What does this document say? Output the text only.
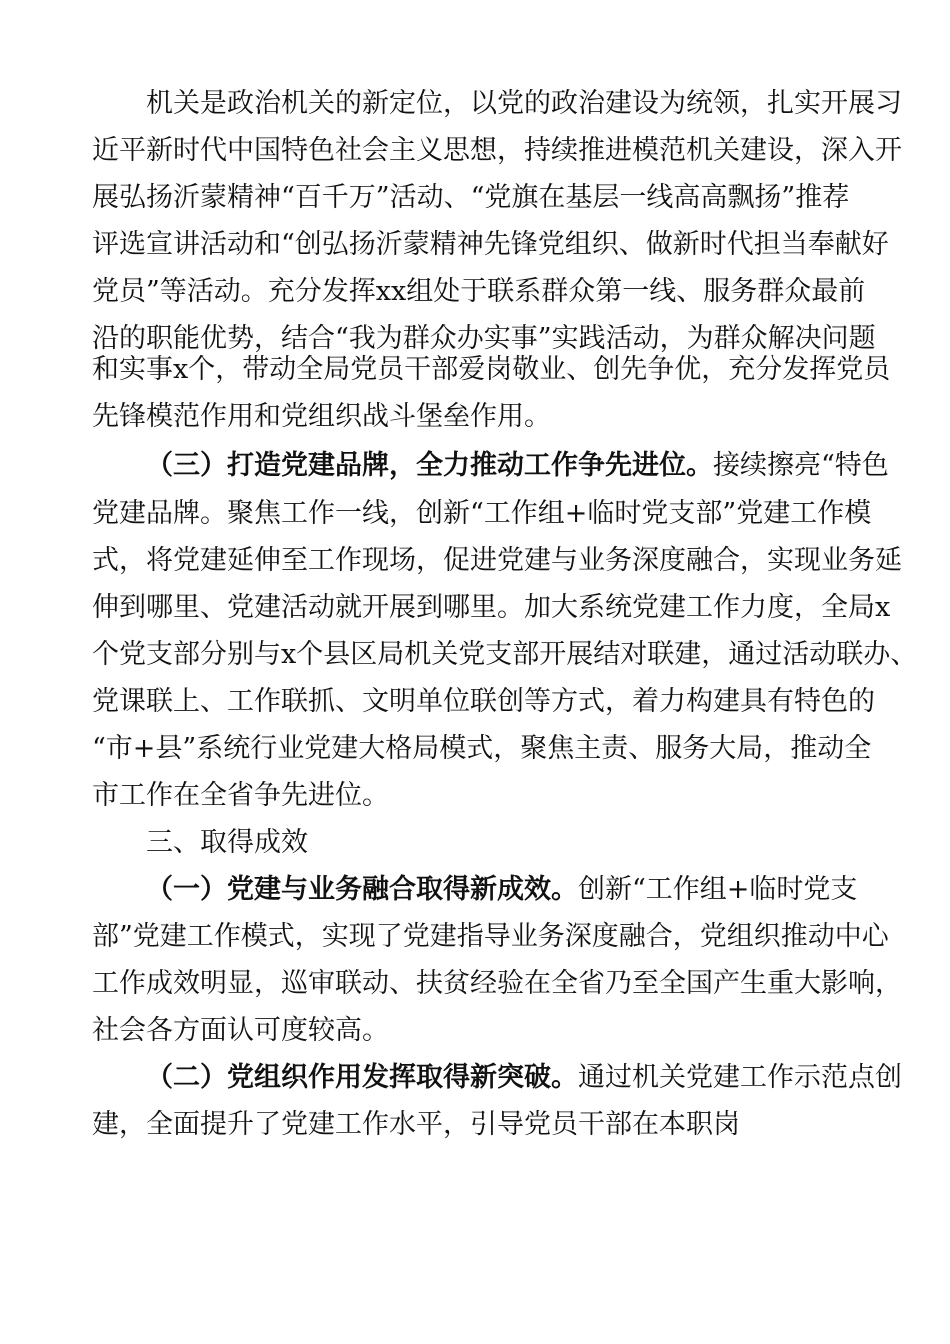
机关是政治机关的新定位，以党的政治建设为统领，扎实开展习
近平新时代中国特色社会主义思想，持续推进模范机关建设，深入开
展弘扬沂蒙精神“百千万”活动、“党旗在基层一线高高飘扬”推荐
评选宣讲活动和“创弘扬沂蒙精神先锋党组织、做新时代担当奉献好
党员”等活动。充分发挥xx组处于联系群众第一线、服务群众最前
沿的职能优势，结合“我为群众办实事”实践活动，为群众解决问题
和实事x个，带动全局党员干部爱岗敬业、创先争优，充分发挥党员
先锋模范作用和党组织战斗堡垒作用。
（三）打造党建品牌，全力推动工作争先进位。接续擦亮“特色
党建品牌。聚焦工作一线，创新“工作组+临时党支部”党建工作模
式，将党建延伸至工作现场，促进党建与业务深度融合，实现业务延
伸到哪里、党建活动就开展到哪里。加大系统党建工作力度，全局x
个党支部分别与x个县区局机关党支部开展结对联建，通过活动联办、
党课联上、工作联抓、文明单位联创等方式，着力构建具有特色的
“市+县”系统行业党建大格局模式，聚焦主责、服务大局，推动全
市工作在全省争先进位。
三、取得成效
（一）党建与业务融合取得新成效。创新“工作组+临时党支
部”党建工作模式，实现了党建指导业务深度融合，党组织推动中心
工作成效明显，巡审联动、扶贫经验在全省乃至全国产生重大影响，
社会各方面认可度较高。
（二）党组织作用发挥取得新突破。通过机关党建工作示范点创
建，全面提升了党建工作水平，引导党员干部在本职岗
